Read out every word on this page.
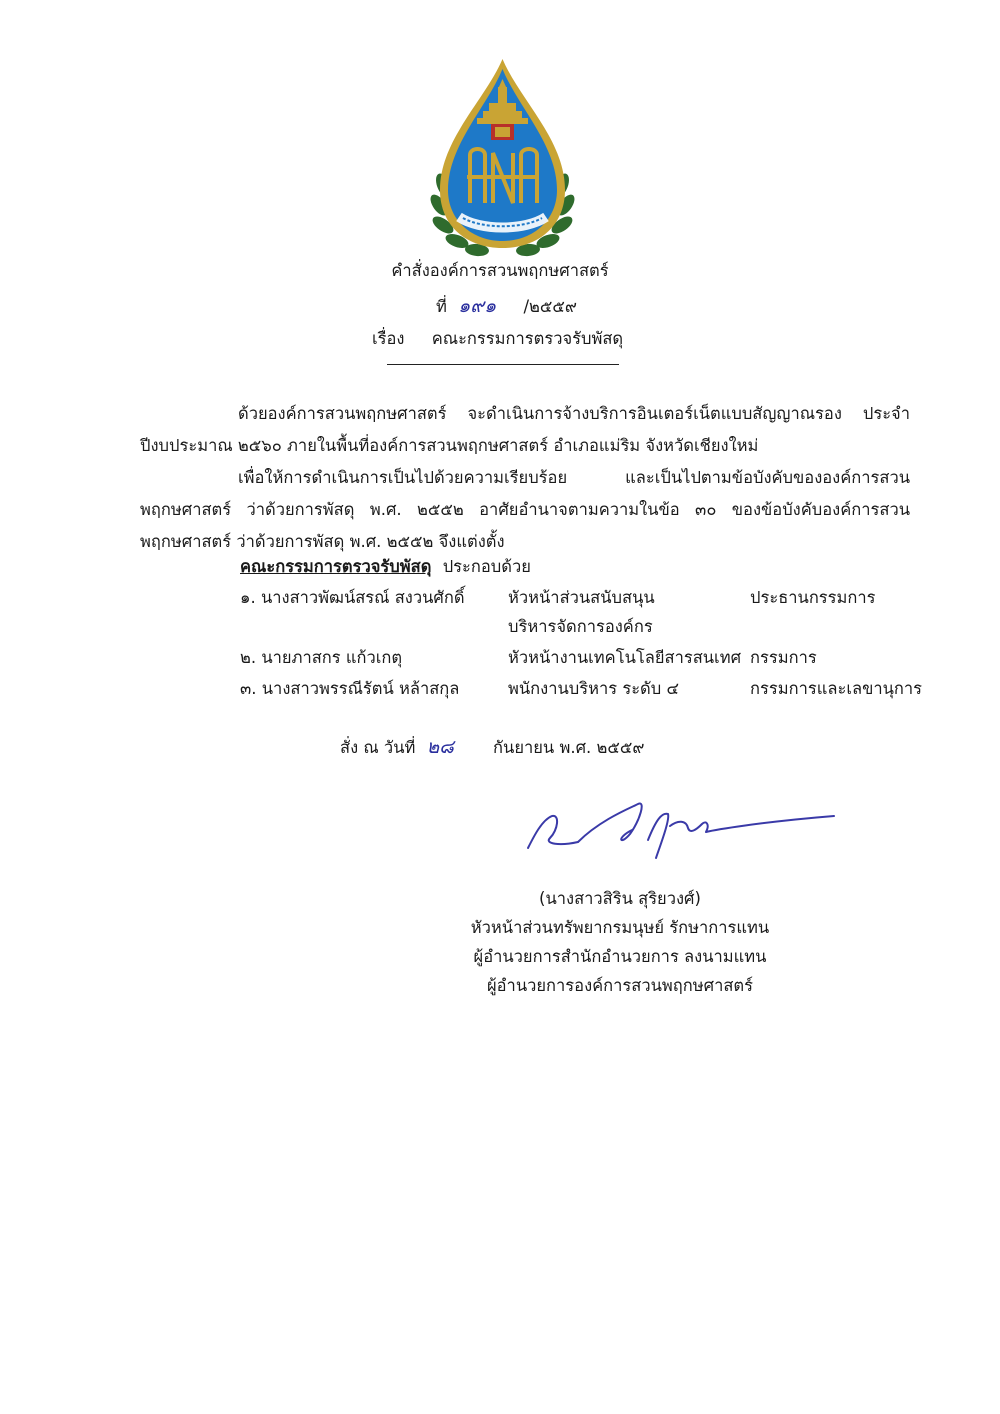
คำสั่งองค์การสวนพฤกษศาสตร์
ที่ ๑๙๑ /๒๕๕๙
เรื่อง คณะกรรมการตรวจรับพัสดุ

ด้วยองค์การสวนพฤกษศาสตร์ จะดำเนินการจ้างบริการอินเตอร์เน็ตแบบสัญญาณรอง ประจำปีงบประมาณ ๒๕๖๐ ภายในพื้นที่องค์การสวนพฤกษศาสตร์ อำเภอแม่ริม จังหวัดเชียงใหม่

เพื่อให้การดำเนินการเป็นไปด้วยความเรียบร้อย และเป็นไปตามข้อบังคับขององค์การสวนพฤกษศาสตร์ ว่าด้วยการพัสดุ พ.ศ. ๒๕๕๒ อาศัยอำนาจตามความในข้อ ๓๐ ของข้อบังคับองค์การสวนพฤกษศาสตร์ ว่าด้วยการพัสดุ พ.ศ. ๒๕๕๒ จึงแต่งตั้ง

คณะกรรมการตรวจรับพัสดุ ประกอบด้วย
๑. นางสาวพัฒน์สรณ์ สงวนศักดิ์	หัวหน้าส่วนสนับสนุน	ประธานกรรมการ
บริหารจัดการองค์กร
๒. นายภาสกร แก้วเกตุ	หัวหน้างานเทคโนโลยีสารสนเทศ กรรมการ
๓. นางสาวพรรณีรัตน์ หล้าสกุล	พนักงานบริหาร ระดับ ๔	กรรมการและเลขานุการ
สั่ง ณ วันที่ ๒๘ กันยายน พ.ศ. ๒๕๕๙
(นางสาวสิริน สุริยวงศ์)
หัวหน้าส่วนทรัพยากรมนุษย์ รักษาการแทน
ผู้อำนวยการสำนักอำนวยการ ลงนามแทน
ผู้อำนวยการองค์การสวนพฤกษศาสตร์
